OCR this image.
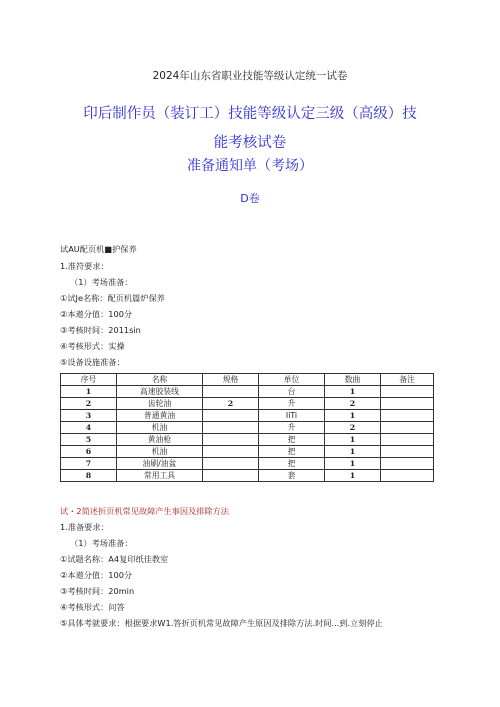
2024年山东省职业技能等级认定统一试卷
印后制作员（装订工）技能等级认定三级（高级）技
能考核试卷
准备通知单（考场）
D卷
试AU配页机■护保养
1.准符要求：
（1）考场准备：
①试Je名称：配页机篇炉保养
②本遨分值：100分
③考核时间：2011sin
④考核形式：实操
⑤设备设施准备：
序号	名称	规格	单位	数曲	备注
1	高速胶装线		台	1	
2	齿轮油	2	升	2	
3	普通黄油		IiTi	1	
4	机油		升	2	
5	黄油枪		把	1	
6	机油		把	1	
7	油刷/油盆		把	1	
8	常用工具		套	1	
试・2简述折页机常见故障产生事因及排除方法
1.准备要求：
（1）考场准备：
①试题名称：A4复印纸佳教室
②本遨分值：100分
③考核时间：20min
④考核形式：问答
⑤具体考就要求：根据要求W1.答折页机常见故障产生原因及排除方法.时间...到.立刻停止
